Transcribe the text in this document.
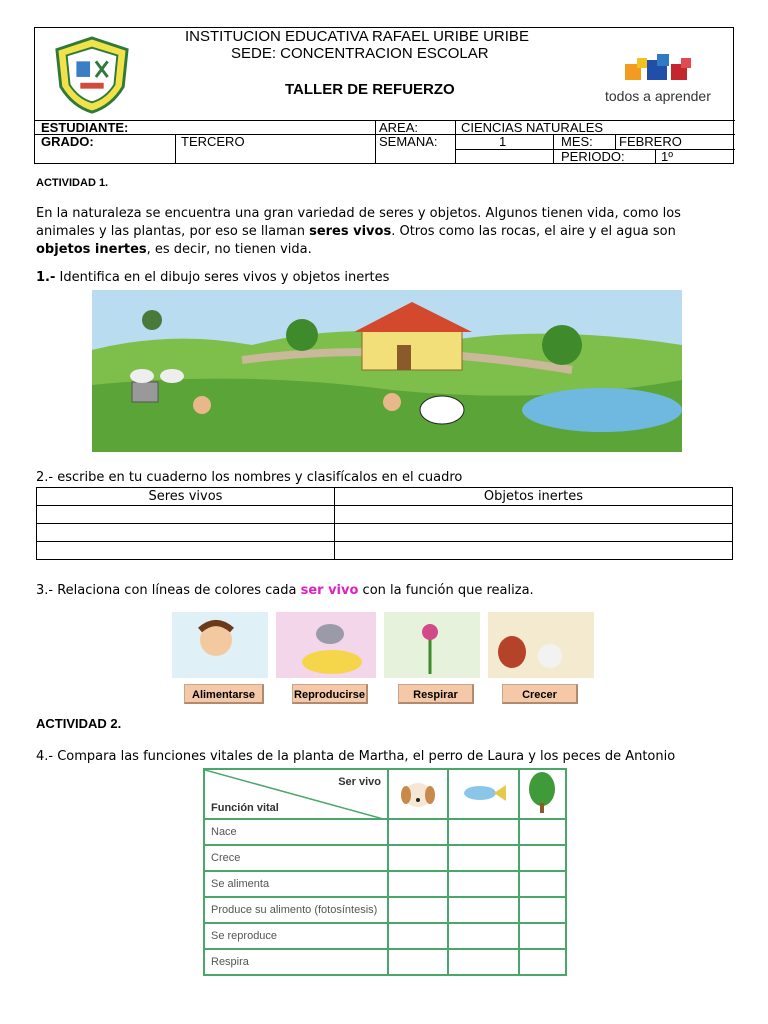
INSTITUCION EDUCATIVA RAFAEL URIBE URIBE
SEDE: CONCENTRACION ESCOLAR
TALLER DE REFUERZO	todos a aprender
ESTUDIANTE:
GRADO:	TERCERO
AREA:	CIENCIAS NATURALES
SEMANA:	1	MES: FEBRERO
PERIODO:	1º
ACTIVIDAD 1.
En la naturaleza se encuentra una gran variedad de seres y objetos. Algunos tienen vida, como los
animales y las plantas, por eso se llaman seres vivos. Otros como las rocas, el aire y el agua son
objetos inertes, es decir, no tienen vida.
1.- Identifica en el dibujo seres vivos y objetos inertes
2.- escribe en tu cuaderno los nombres y clasifícalos en el cuadro
Seres vivos	Objetos inertes

3.- Relaciona con líneas de colores cada ser vivo con la función que realiza.
Alimentarse	Reproducirse	Respirar	Crecer
ACTIVIDAD 2.
4.- Compara las funciones vitales de la planta de Martha, el perro de Laura y los peces de Antonio
Ser vivo
Función vital

Nace			
Crece			
Se alimenta			
Produce su alimento (fotosíntesis)			
Se reproduce			
Respira			
